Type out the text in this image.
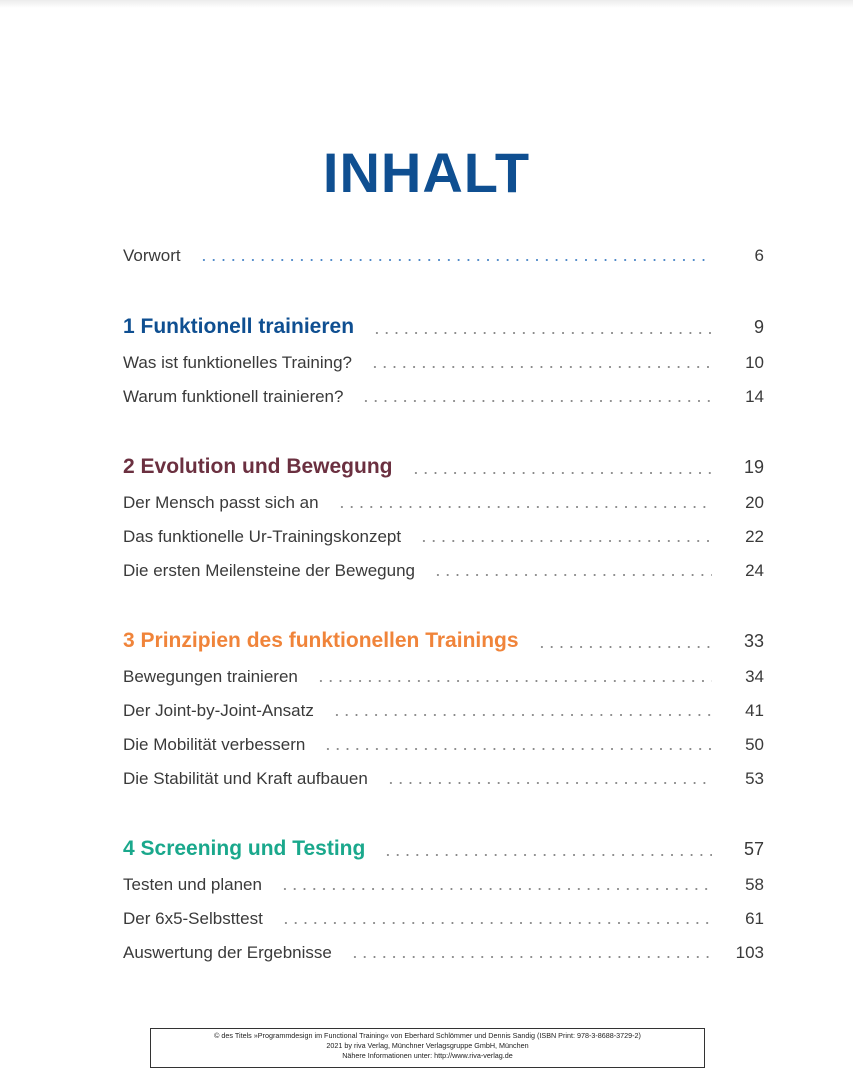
INHALT
Vorwort	6
1 Funktionell trainieren	9
Was ist funktionelles Training?	10
Warum funktionell trainieren?	14
2 Evolution und Bewegung	19
Der Mensch passt sich an	20
Das funktionelle Ur-Trainingskonzept	22
Die ersten Meilensteine der Bewegung	24
3 Prinzipien des funktionellen Trainings	33
Bewegungen trainieren	34
Der Joint-by-Joint-Ansatz	41
Die Mobilität verbessern	50
Die Stabilität und Kraft aufbauen	53
4 Screening und Testing	57
Testen und planen	58
Der 6x5-Selbsttest	61
Auswertung der Ergebnisse	103
© des Titels »Programmdesign im Functional Training« von Eberhard Schlömmer und Dennis Sandig (ISBN Print: 978-3-8688-3729-2)
2021 by riva Verlag, Münchner Verlagsgruppe GmbH, München
Nähere Informationen unter: http://www.riva-verlag.de
